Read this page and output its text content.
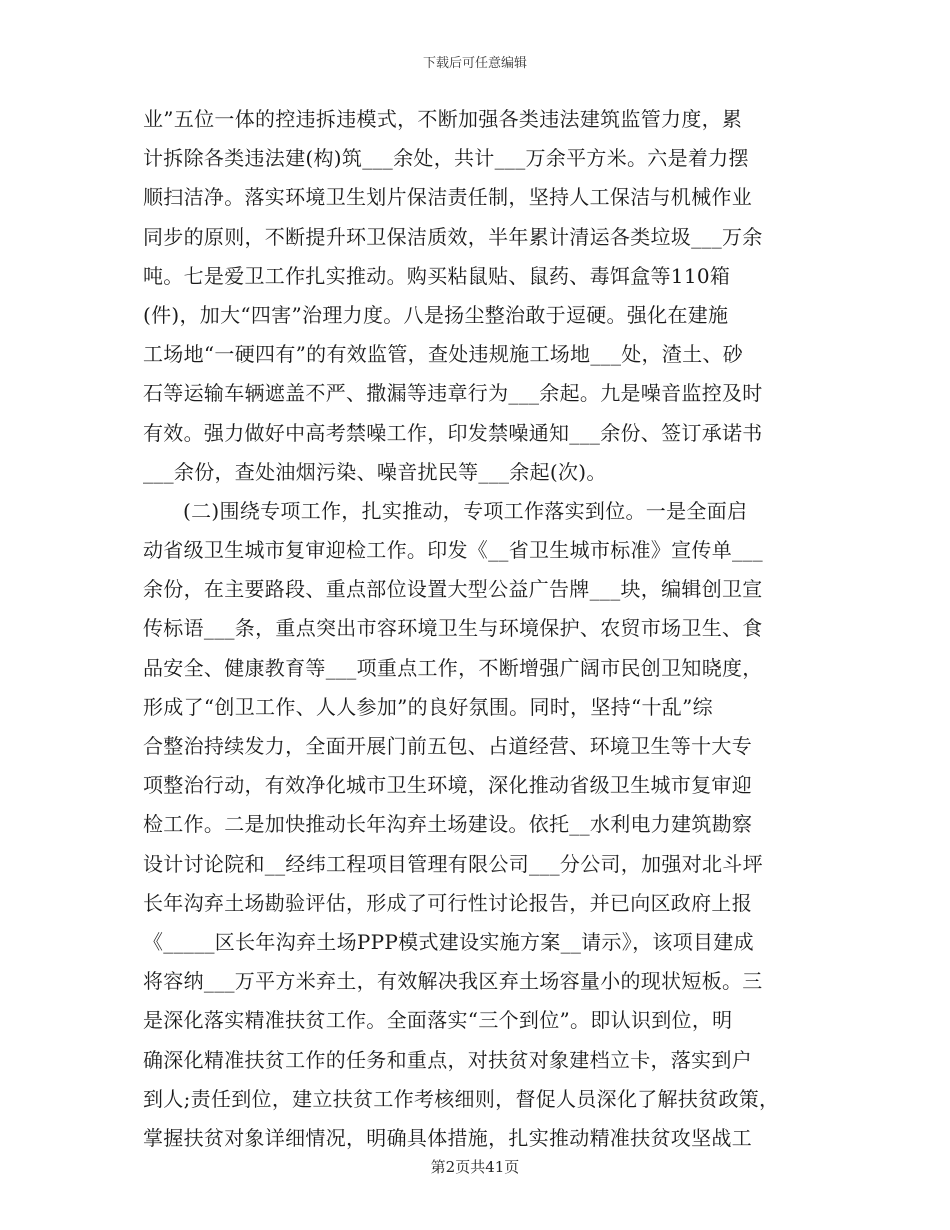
下载后可任意编辑
业”五位一体的控违拆违模式，不断加强各类违法建筑监管力度，累
计拆除各类违法建(构)筑___余处，共计___万余平方米。六是着力摆
顺扫洁净。落实环境卫生划片保洁责任制，坚持人工保洁与机械作业
同步的原则，不断提升环卫保洁质效，半年累计清运各类垃圾___万余
吨。七是爱卫工作扎实推动。购买粘鼠贴、鼠药、毒饵盒等110箱
(件)，加大“四害”治理力度。八是扬尘整治敢于逗硬。强化在建施
工场地“一硬四有”的有效监管，查处违规施工场地___处，渣土、砂
石等运输车辆遮盖不严、撒漏等违章行为___余起。九是噪音监控及时
有效。强力做好中高考禁噪工作，印发禁噪通知___余份、签订承诺书
___余份，查处油烟污染、噪音扰民等___余起(次)。
(二)围绕专项工作，扎实推动，专项工作落实到位。一是全面启
动省级卫生城市复审迎检工作。印发《__省卫生城市标准》宣传单___
余份，在主要路段、重点部位设置大型公益广告牌___块，编辑创卫宣
传标语___条，重点突出市容环境卫生与环境保护、农贸市场卫生、食
品安全、健康教育等___项重点工作，不断增强广阔市民创卫知晓度，
形成了“创卫工作、人人参加”的良好氛围。同时，坚持“十乱”综
合整治持续发力，全面开展门前五包、占道经营、环境卫生等十大专
项整治行动，有效净化城市卫生环境，深化推动省级卫生城市复审迎
检工作。二是加快推动长年沟弃土场建设。依托__水利电力建筑勘察
设计讨论院和__经纬工程项目管理有限公司___分公司，加强对北斗坪
长年沟弃土场勘验评估，形成了可行性讨论报告，并已向区政府上报
《_____区长年沟弃土场PPP模式建设实施方案__请示》，该项目建成
将容纳___万平方米弃土，有效解决我区弃土场容量小的现状短板。三
是深化落实精准扶贫工作。全面落实“三个到位”。即认识到位，明
确深化精准扶贫工作的任务和重点，对扶贫对象建档立卡，落实到户
到人;责任到位，建立扶贫工作考核细则，督促人员深化了解扶贫政策，
掌握扶贫对象详细情况，明确具体措施，扎实推动精准扶贫攻坚战工
第2页共41页
